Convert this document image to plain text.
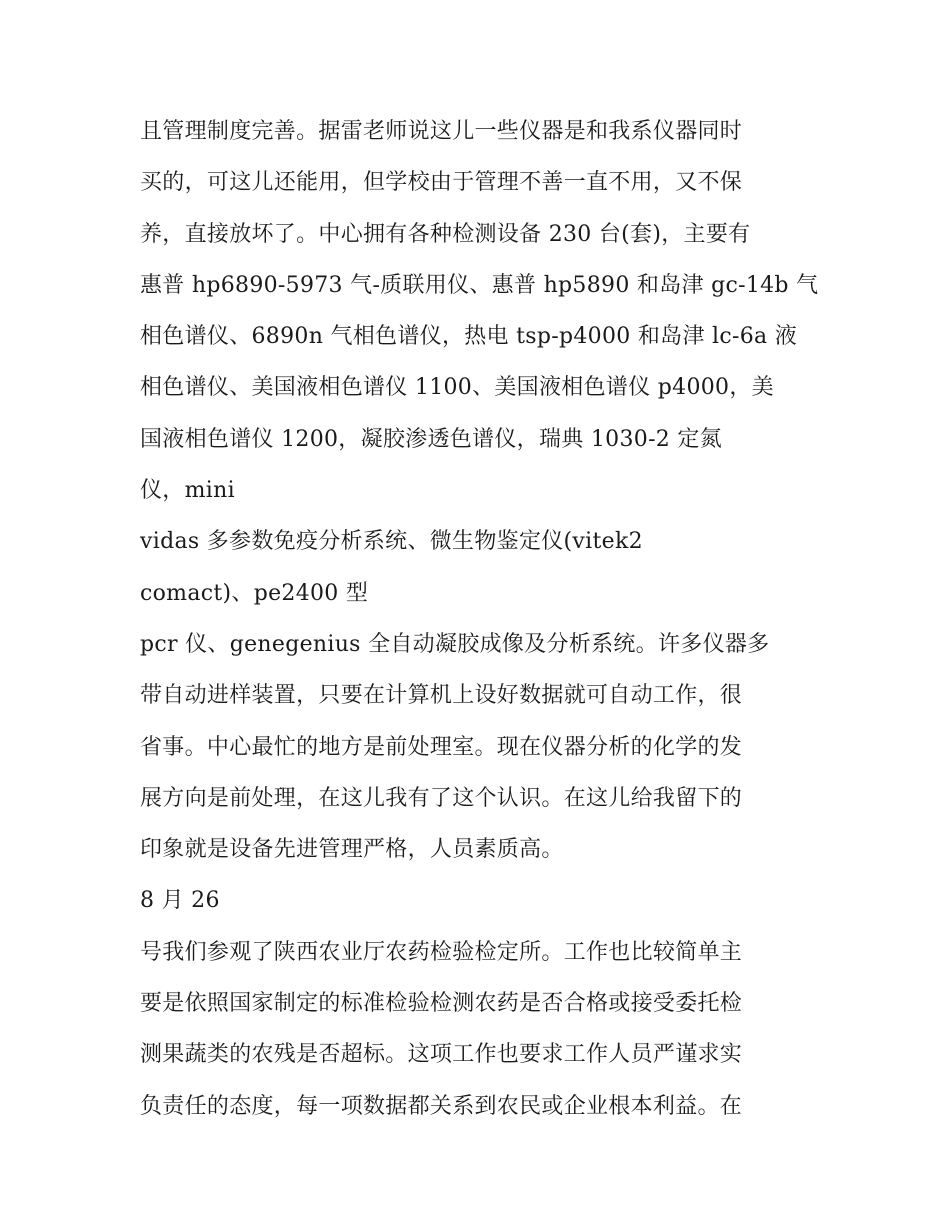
且管理制度完善。据雷老师说这儿一些仪器是和我系仪器同时
买的，可这儿还能用，但学校由于管理不善一直不用，又不保
养，直接放坏了。中心拥有各种检测设备 230 台(套)，主要有
惠普 hp6890-5973 气-质联用仪、惠普 hp5890 和岛津 gc-14b 气
相色谱仪、6890n 气相色谱仪，热电 tsp-p4000 和岛津 lc-6a 液
相色谱仪、美国液相色谱仪 1100、美国液相色谱仪 p4000，美
国液相色谱仪 1200，凝胶渗透色谱仪，瑞典 1030-2 定氮
仪，mini
vidas 多参数免疫分析系统、微生物鉴定仪(vitek2
comact)、pe2400 型
pcr 仪、genegenius 全自动凝胶成像及分析系统。许多仪器多
带自动进样装置，只要在计算机上设好数据就可自动工作，很
省事。中心最忙的地方是前处理室。现在仪器分析的化学的发
展方向是前处理，在这儿我有了这个认识。在这儿给我留下的
印象就是设备先进管理严格，人员素质高。
8 月 26
号我们参观了陕西农业厅农药检验检定所。工作也比较简单主
要是依照国家制定的标准检验检测农药是否合格或接受委托检
测果蔬类的农残是否超标。这项工作也要求工作人员严谨求实
负责任的态度，每一项数据都关系到农民或企业根本利益。在
